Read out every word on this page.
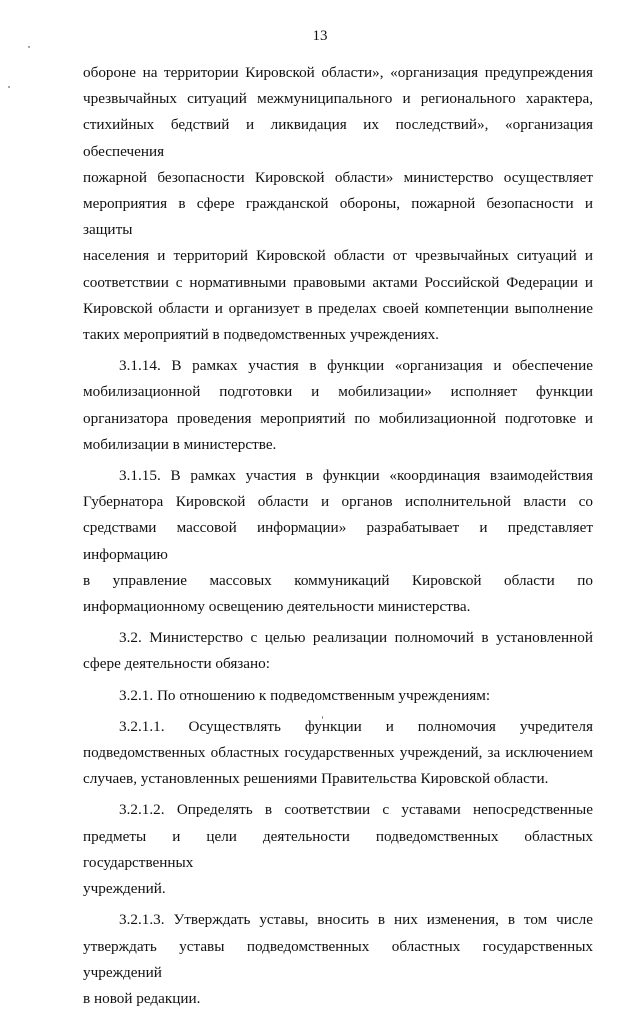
13

обороне на территории Кировской области», «организация предупреждения
чрезвычайных ситуаций межмуниципального и регионального характера,
стихийных бедствий и ликвидация их последствий», «организация обеспечения
пожарной безопасности Кировской области» министерство осуществляет
мероприятия в сфере гражданской обороны, пожарной безопасности и защиты
населения и территорий Кировской области от чрезвычайных ситуаций и
соответствии с нормативными правовыми актами Российской Федерации и
Кировской области и организует в пределах своей компетенции выполнение
таких мероприятий в подведомственных учреждениях.

3.1.14. В рамках участия в функции «организация и обеспечение
мобилизационной подготовки и мобилизации» исполняет функции
организатора проведения мероприятий по мобилизационной подготовке и
мобилизации в министерстве.

3.1.15. В рамках участия в функции «координация взаимодействия
Губернатора Кировской области и органов исполнительной власти со
средствами массовой информации» разрабатывает и представляет информацию
в управление массовых коммуникаций Кировской области по
информационному освещению деятельности министерства.

3.2. Министерство с целью реализации полномочий в установленной
сфере деятельности обязано:

3.2.1. По отношению к подведомственным учреждениям:

3.2.1.1. Осуществлять функции и полномочия учредителя
подведомственных областных государственных учреждений, за исключением
случаев, установленных решениями Правительства Кировской области.

3.2.1.2. Определять в соответствии с уставами непосредственные
предметы и цели деятельности подведомственных областных государственных
учреждений.

3.2.1.3. Утверждать уставы, вносить в них изменения, в том числе
утверждать уставы подведомственных областных государственных учреждений
в новой редакции.
